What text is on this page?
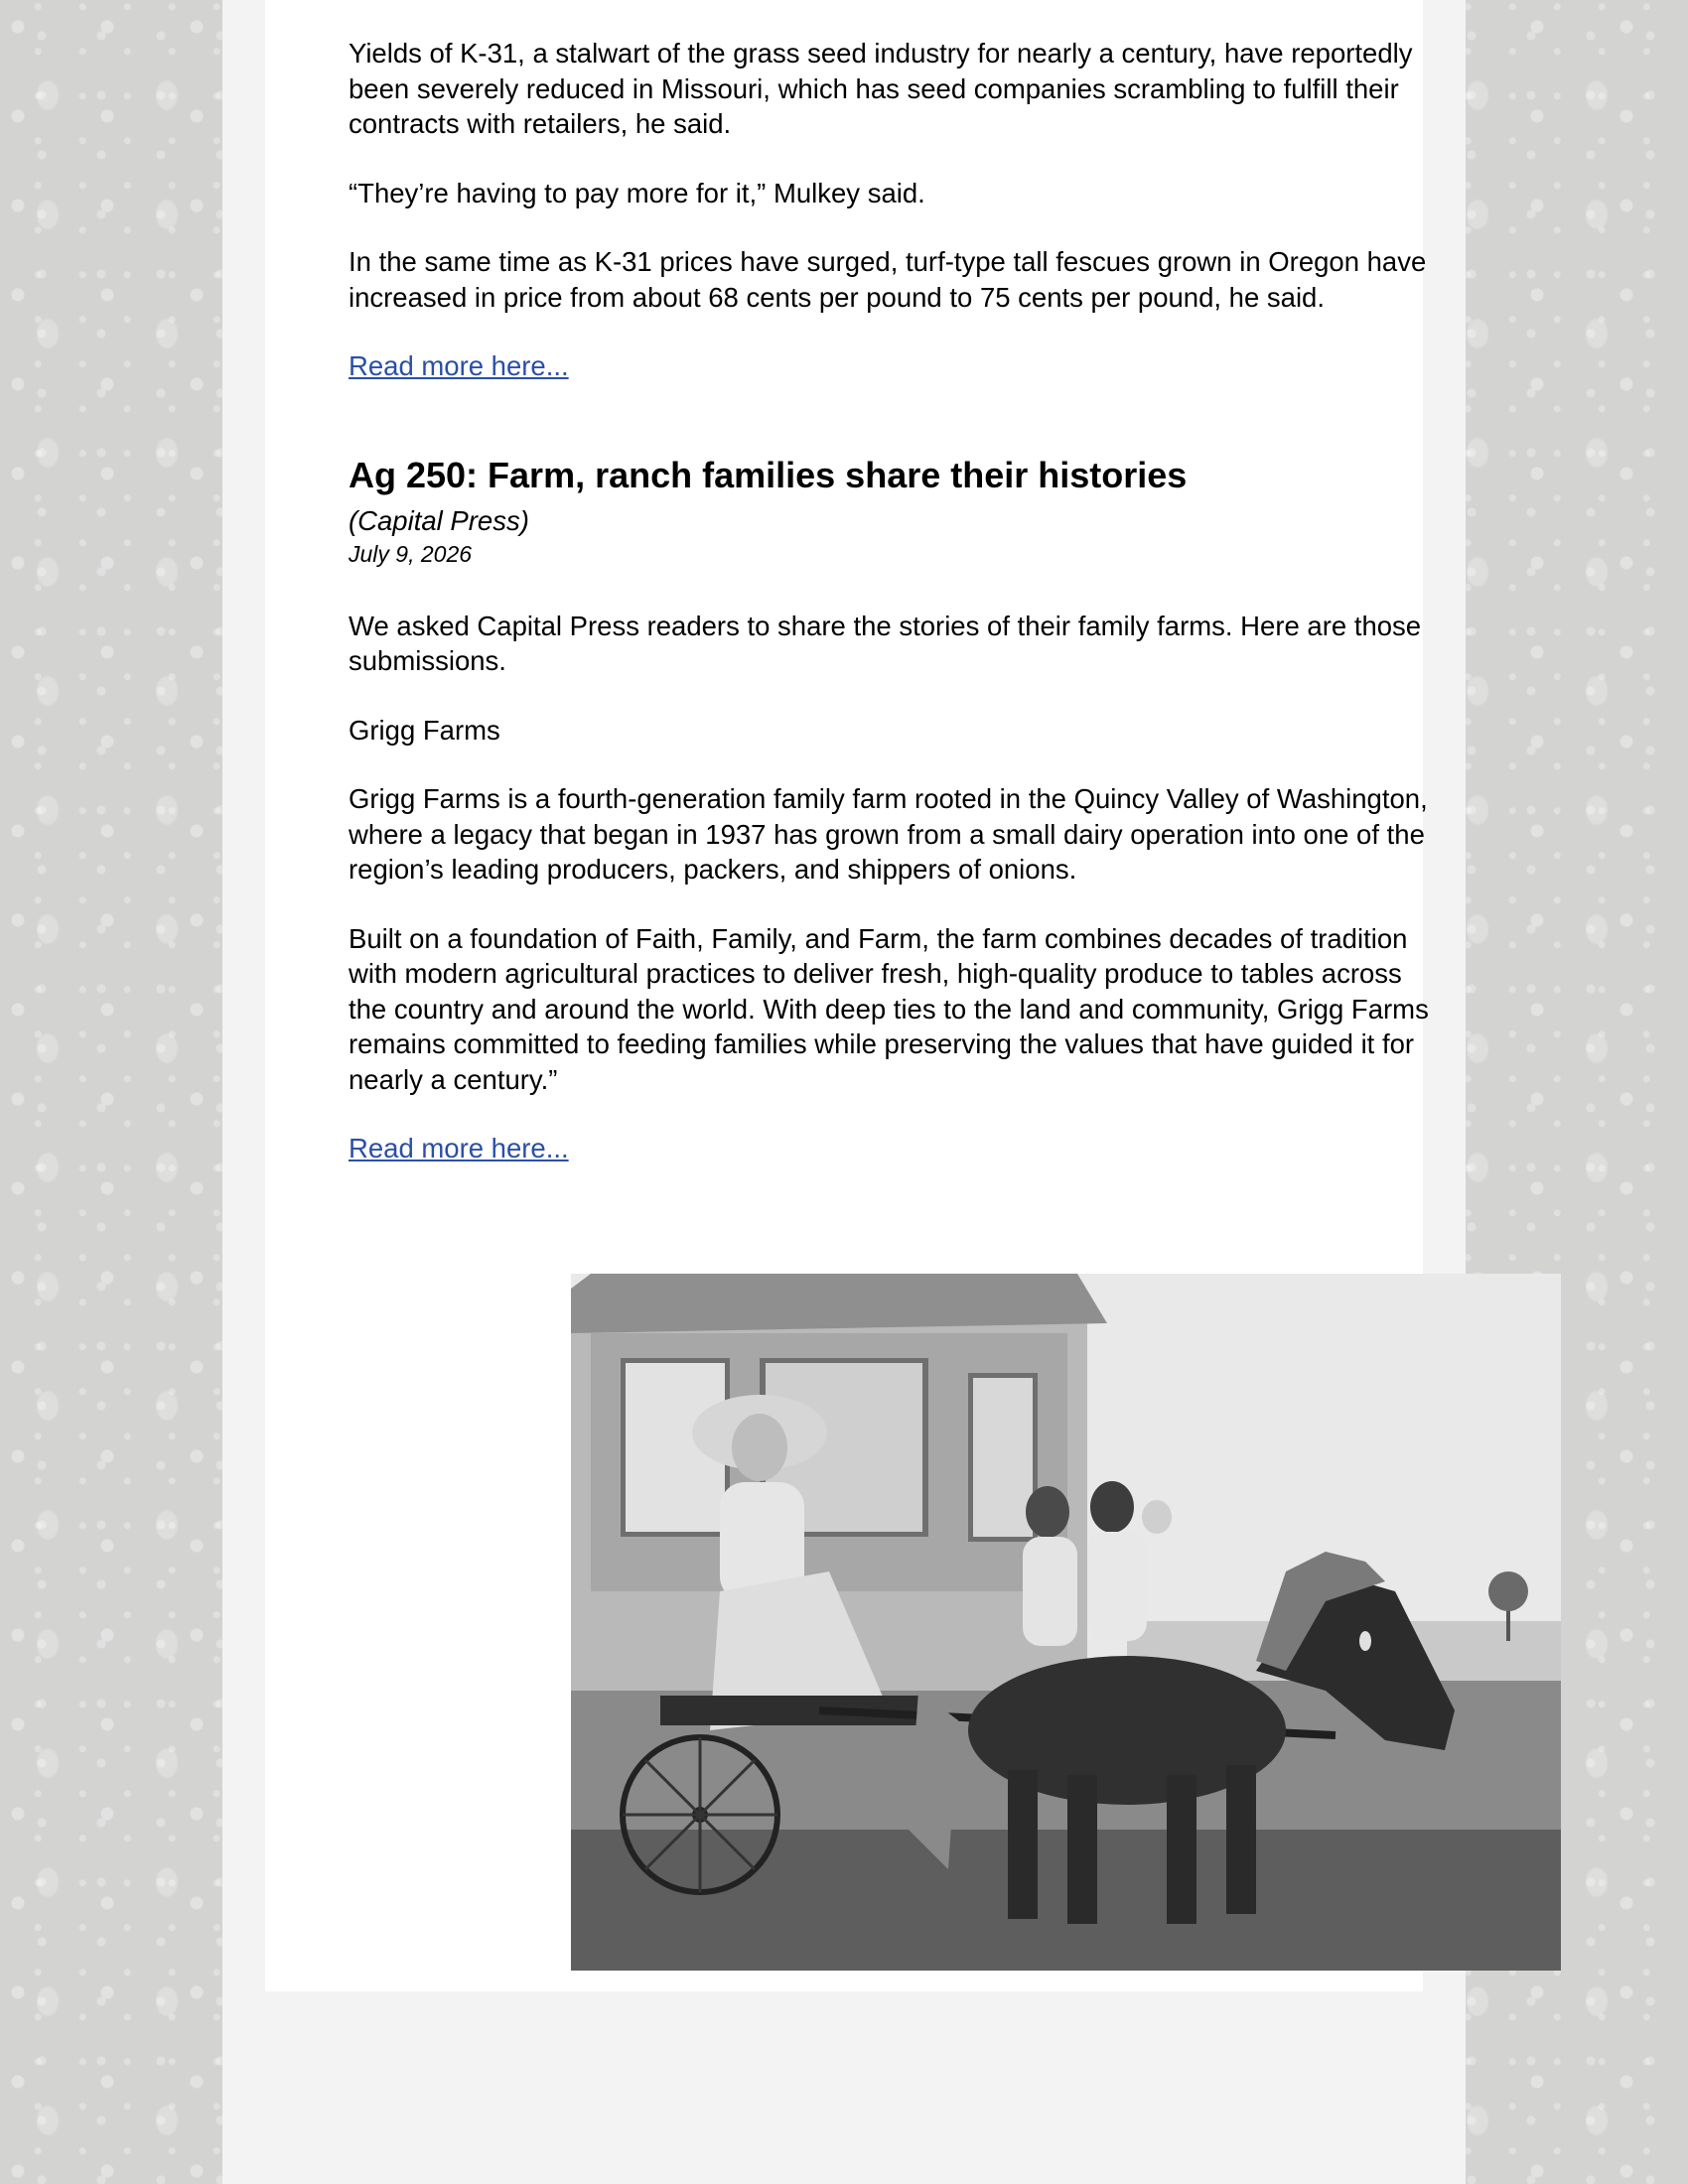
Yields of K-31, a stalwart of the grass seed industry for nearly a century, have reportedly been severely reduced in Missouri, which has seed companies scrambling to fulfill their contracts with retailers, he said.

“They’re having to pay more for it,” Mulkey said.

In the same time as K-31 prices have surged, turf-type tall fescues grown in Oregon have increased in price from about 68 cents per pound to 75 cents per pound, he said.

Read more here...

Ag 250: Farm, ranch families share their histories
(Capital Press)
July 9, 2026

We asked Capital Press readers to share the stories of their family farms. Here are those submissions.

Grigg Farms

Grigg Farms is a fourth-generation family farm rooted in the Quincy Valley of Washington, where a legacy that began in 1937 has grown from a small dairy operation into one of the region’s leading producers, packers, and shippers of onions.

Built on a foundation of Faith, Family, and Farm, the farm combines decades of tradition with modern agricultural practices to deliver fresh, high-quality produce to tables across the country and around the world. With deep ties to the land and community, Grigg Farms remains committed to feeding families while preserving the values that have guided it for nearly a century.”

Read more here...
